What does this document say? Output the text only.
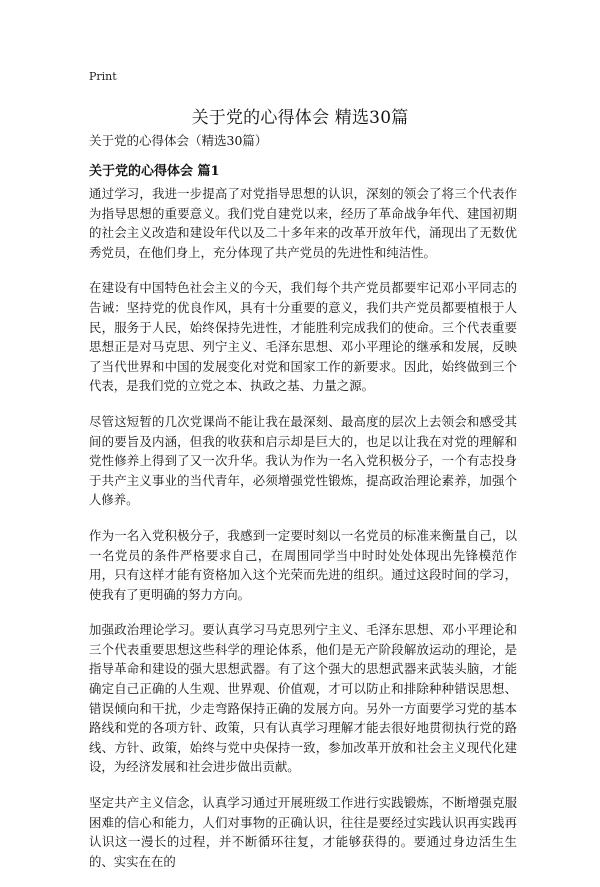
Print
关于党的心得体会 精选30篇

关于党的心得体会（精选30篇）

关于党的心得体会 篇1

通过学习，我进一步提高了对党指导思想的认识，深刻的领会了将三个代表作为指导思想的重要意义。我们党自建党以来，经历了革命战争年代、建国初期的社会主义改造和建设年代以及二十多年来的改革开放年代，涌现出了无数优秀党员，在他们身上，充分体现了共产党员的先进性和纯洁性。

在建设有中国特色社会主义的今天，我们每个共产党员都要牢记邓小平同志的告诫：坚持党的优良作风，具有十分重要的意义，我们共产党员都要植根于人民，服务于人民，始终保持先进性，才能胜利完成我们的使命。三个代表重要思想正是对马克思、列宁主义、毛泽东思想、邓小平理论的继承和发展，反映了当代世界和中国的发展变化对党和国家工作的新要求。因此，始终做到三个代表，是我们党的立党之本、执政之基、力量之源。

尽管这短暂的几次党课尚不能让我在最深刻、最高度的层次上去领会和感受其间的要旨及内涵，但我的收获和启示却是巨大的，也足以让我在对党的理解和党性修养上得到了又一次升华。我认为作为一名入党积极分子，一个有志投身于共产主义事业的当代青年，必须增强党性锻炼，提高政治理论素养，加强个人修养。

作为一名入党积极分子，我感到一定要时刻以一名党员的标准来衡量自己，以一名党员的条件严格要求自己，在周围同学当中时时处处体现出先锋模范作用，只有这样才能有资格加入这个光荣而先进的组织。通过这段时间的学习，使我有了更明确的努力方向。

加强政治理论学习。要认真学习马克思列宁主义、毛泽东思想、邓小平理论和三个代表重要思想这些科学的理论体系，他们是无产阶段解放运动的理论，是指导革命和建设的强大思想武器。有了这个强大的思想武器来武装头脑，才能确定自己正确的人生观、世界观、价值观，才可以防止和排除种种错误思想、错误倾向和干扰，少走弯路保持正确的发展方向。另外一方面要学习党的基本路线和党的各项方针、政策，只有认真学习理解才能去很好地贯彻执行党的路线、方针、政策，始终与党中央保持一致，参加改革开放和社会主义现代化建设，为经济发展和社会进步做出贡献。

坚定共产主义信念，认真学习通过开展班级工作进行实践锻炼，不断增强克服困难的信心和能力，人们对事物的正确认识，往往是要经过实践认识再实践再认识这一漫长的过程，并不断循环往复，才能够获得的。要通过身边活生生的、实实在在的
